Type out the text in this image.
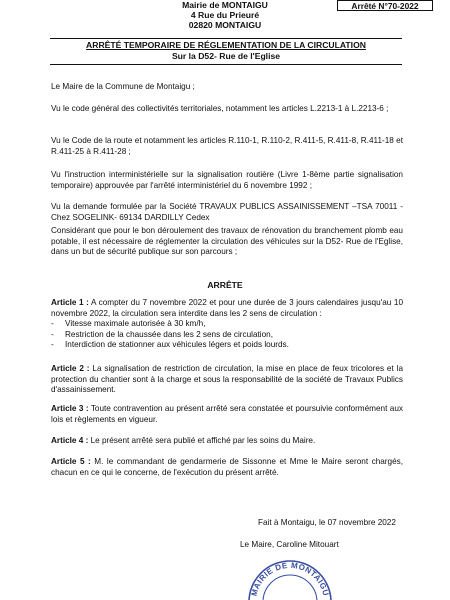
Mairie de MONTAIGU
4 Rue du Prieuré
02820 MONTAIGU
Arrêté N°70-2022
ARRÊTÉ TEMPORAIRE DE RÉGLEMENTATION DE LA CIRCULATION
Sur la D52- Rue de l'Eglise
Le Maire de la Commune de Montaigu ;
Vu le code général des collectivités territoriales, notamment les articles L.2213-1 à L.2213-6 ;
Vu le Code de la route et notamment les articles R.110-1, R.110-2, R.411-5, R.411-8, R.411-18 et R.411-25 à R.411-28 ;
Vu l'instruction interministérielle sur la signalisation routière (Livre 1-8ème partie signalisation temporaire) approuvée par l'arrêté interministériel du 6 novembre 1992 ;
Vu la demande formulée par la Société TRAVAUX PUBLICS ASSAINISSEMENT –TSA 70011 - Chez SOGELINK- 69134 DARDILLY Cedex
Considérant que pour le bon déroulement des travaux de rénovation du branchement plomb eau potable, il est nécessaire de réglementer la circulation des véhicules sur la D52- Rue de l'Eglise, dans un but de sécurité publique sur son parcours ;
ARRÊTE
Article 1 : A compter du 7 novembre 2022 et pour une durée de 3 jours calendaires jusqu'au 10 novembre 2022, la circulation sera interdite dans les 2 sens de circulation :
- Vitesse maximale autorisée à 30 km/h,
- Restriction de la chaussée dans les 2 sens de circulation,
- Interdiction de stationner aux véhicules légers et poids lourds.
Article 2 : La signalisation de restriction de circulation, la mise en place de feux tricolores et la protection du chantier sont à la charge et sous la responsabilité de la société de Travaux Publics d'assainissement.
Article 3 : Toute contravention au présent arrêté sera constatée et poursuivie conformément aux lois et règlements en vigueur.
Article 4 : Le présent arrêté sera publié et affiché par les soins du Maire.
Article 5 : M. le commandant de gendarmerie de Sissonne et Mme le Maire seront chargés, chacun en ce qui le concerne, de l'exécution du présent arrêté.
Fait à Montaigu, le 07 novembre 2022
Le Maire, Caroline Mitouart
MAIRIE DE MONTAIGU
